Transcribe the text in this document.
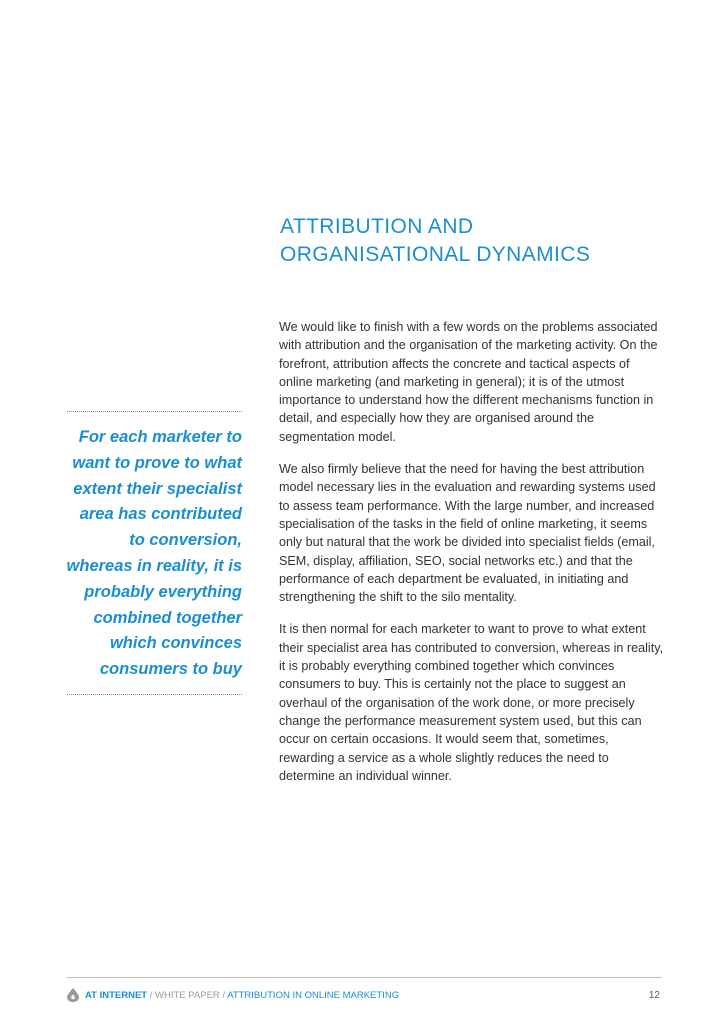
ATTRIBUTION AND
ORGANISATIONAL DYNAMICS

We would like to finish with a few words on the problems associated with attribution and the organisation of the marketing activity. On the forefront, attribution affects the concrete and tactical aspects of online marketing (and marketing in general); it is of the utmost importance to understand how the different mechanisms function in detail, and especially how they are organised around the segmentation model.

We also firmly believe that the need for having the best attribution model necessary lies in the evaluation and rewarding systems used to assess team performance. With the large number, and increased specialisation of the tasks in the field of online marketing, it seems only but natural that the work be divided into specialist fields (email, SEM, display, affiliation, SEO, social networks etc.) and that the performance of each department be evaluated, in initiating and strengthening the shift to the silo mentality.

It is then normal for each marketer to want to prove to what extent their specialist area has contributed to conversion, whereas in reality, it is probably everything combined together which convinces consumers to buy. This is certainly not the place to suggest an overhaul of the organisation of the work done, or more precisely change the performance measurement system used, but this can occur on certain occasions. It would seem that, sometimes, rewarding a service as a whole slightly reduces the need to determine an individual winner.

For each marketer to want to prove to what extent their specialist area has contributed to conversion, whereas in reality, it is probably everything combined together which convinces consumers to buy

AT INTERNET / WHITE PAPER / ATTRIBUTION IN ONLINE MARKETING	12
